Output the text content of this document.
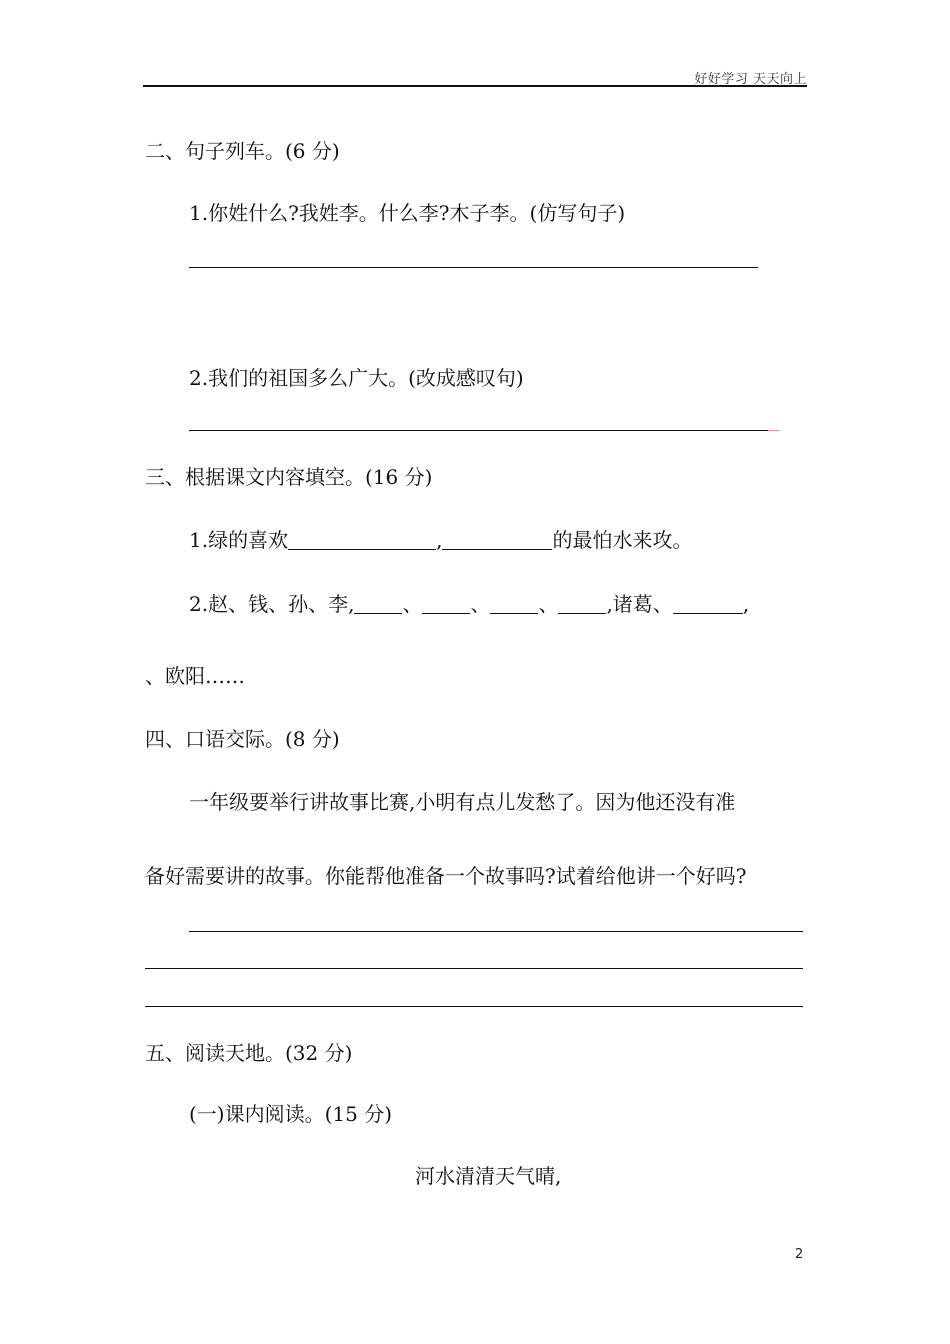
好好学习 天天向上
二、句子列车。(6 分)
1.你姓什么?我姓李。什么李?木子李。(仿写句子)
2.我们的祖国多么广大。(改成感叹句)
三、根据课文内容填空。(16 分)
1.绿的喜欢	,	的最怕水来攻。
2.赵、钱、孙、李, 、 、 、 ,诸葛、	,
、欧阳……
四、口语交际。(8 分)
一年级要举行讲故事比赛,小明有点儿发愁了。因为他还没有准
备好需要讲的故事。你能帮他准备一个故事吗?试着给他讲一个好吗?
五、阅读天地。(32 分)
(一)课内阅读。(15 分)
河水清清天气晴,
2
